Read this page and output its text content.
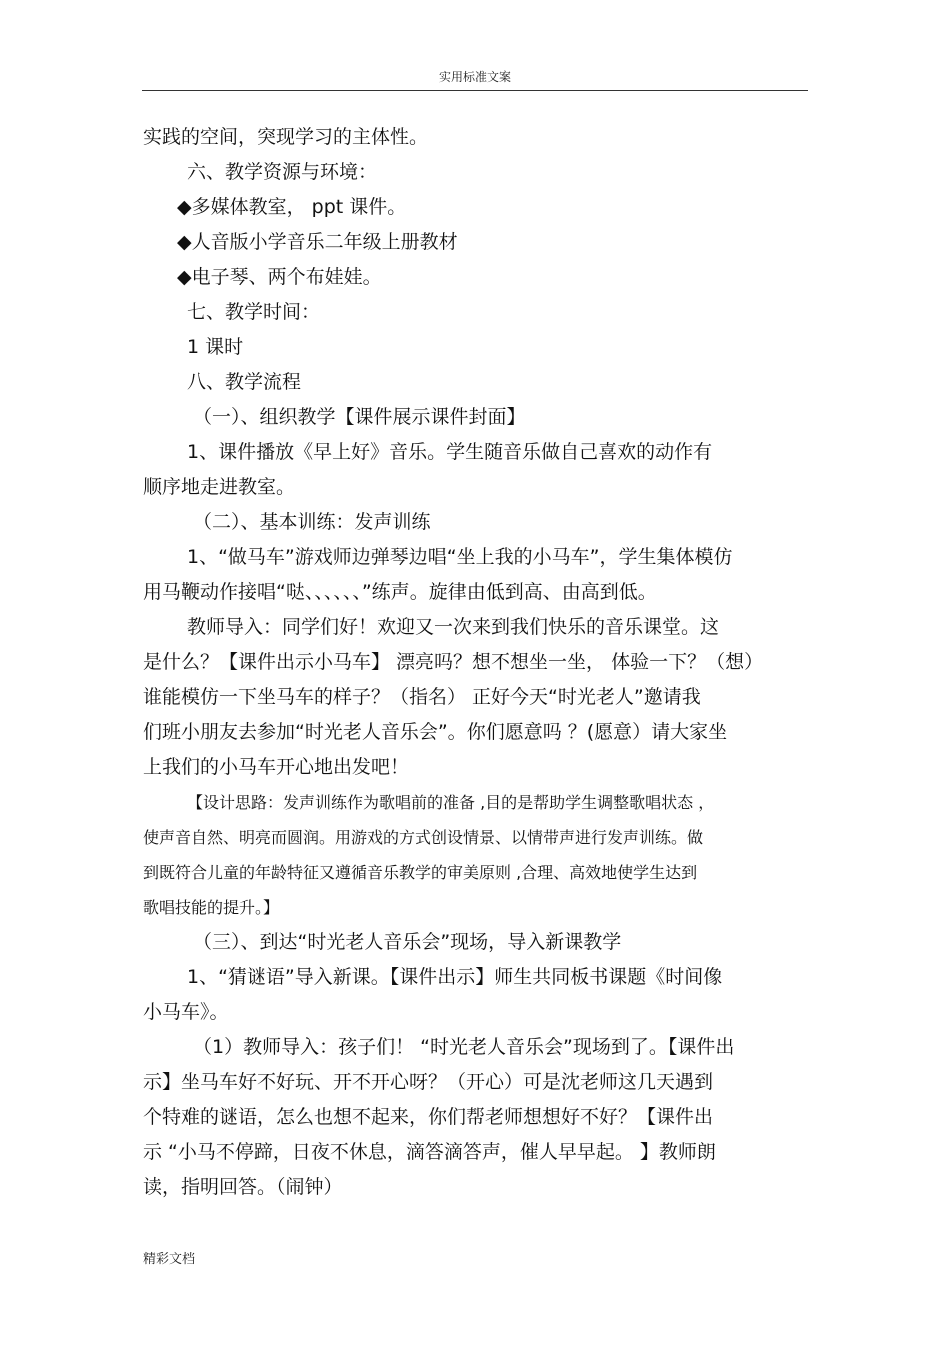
实用标准文案
实践的空间，突现学习的主体性。
六、教学资源与环境：
◆多媒体教室， ppt 课件。
◆人音版小学音乐二年级上册教材
◆电子琴、两个布娃娃。
七、教学时间：
1 课时
八、教学流程
（一）、组织教学【课件展示课件封面】
1、课件播放《早上好》音乐。学生随音乐做自己喜欢的动作有
顺序地走进教室。
（二）、基本训练：发声训练
1、“做马车”游戏师边弹琴边唱“坐上我的小马车”，学生集体模仿
用马鞭动作接唱“哒、、、、、、”练声。旋律由低到高、由高到低。
教师导入：同学们好！欢迎又一次来到我们快乐的音乐课堂。这
是什么？【课件出示小马车】 漂亮吗？想不想坐一坐， 体验一下？（想）
谁能模仿一下坐马车的样子？（指名） 正好今天“时光老人”邀请我
们班小朋友去参加“时光老人音乐会”。你们愿意吗 ？(愿意）请大家坐
上我们的小马车开心地出发吧！
【设计思路：发声训练作为歌唱前的准备 ,目的是帮助学生调整歌唱状态 ，
使声音自然、明亮而圆润。用游戏的方式创设情景、以情带声进行发声训练。做
到既符合儿童的年龄特征又遵循音乐教学的审美原则 ,合理、高效地使学生达到
歌唱技能的提升。】
（三）、到达“时光老人音乐会”现场，导入新课教学
1、“猜谜语”导入新课。【课件出示】师生共同板书课题《时间像
小马车》。
（1）教师导入：孩子们！ “时光老人音乐会”现场到了。【课件出
示】坐马车好不好玩、开不开心呀？（开心）可是沈老师这几天遇到
个特难的谜语，怎么也想不起来，你们帮老师想想好不好？【课件出
示 “小马不停蹄，日夜不休息，滴答滴答声，催人早早起。 】教师朗
读，指明回答。（闹钟）
精彩文档
